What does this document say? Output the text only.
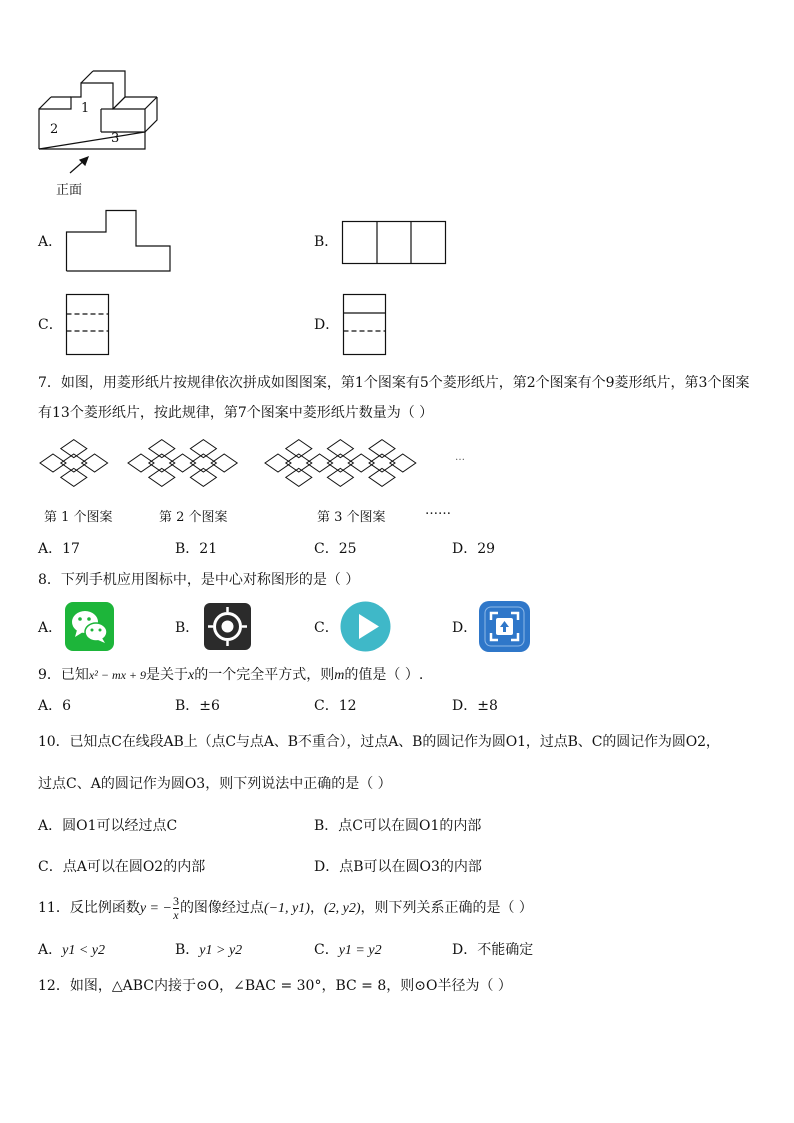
1
2
3
正面
A．	B．
C．	D．
7．如图，用菱形纸片按规律依次拼成如图图案，第1个图案有5个菱形纸片，第2个图案有个9菱形纸片，第3个图案
有13个菱形纸片，按此规律，第7个图案中菱形纸片数量为（ ）
…
第 1 个图案	第 2 个图案	第 3 个图案	……
A．17	B．21	C．25	D．29
8．下列手机应用图标中，是中心对称图形的是（ ）
A．	B．	C．	D．
9．已知x² − mx + 9是关于x的一个完全平方式，则m的值是（ ）.
A．6	B．±6	C．12	D．±8
10．已知点C在线段AB上（点C与点A、B不重合），过点A、B的圆记作为圆O1，过点B、C的圆记作为圆O2，
过点C、A的圆记作为圆O3，则下列说法中正确的是（ ）
A．圆O1可以经过点C	B．点C可以在圆O1的内部
C．点A可以在圆O2的内部	D．点B可以在圆O3的内部
11．反比例函数y = − $\frac{3}{x}$ 的图像经过点(−1, y1)，(2, y2)，则下列关系正确的是（ ）
A．y1 < y2	B．y1 > y2	C．y1 = y2	D．不能确定
12．如图，△ABC内接于⊙O，∠BAC = 30°，BC = 8，则⊙O半径为（ ）
